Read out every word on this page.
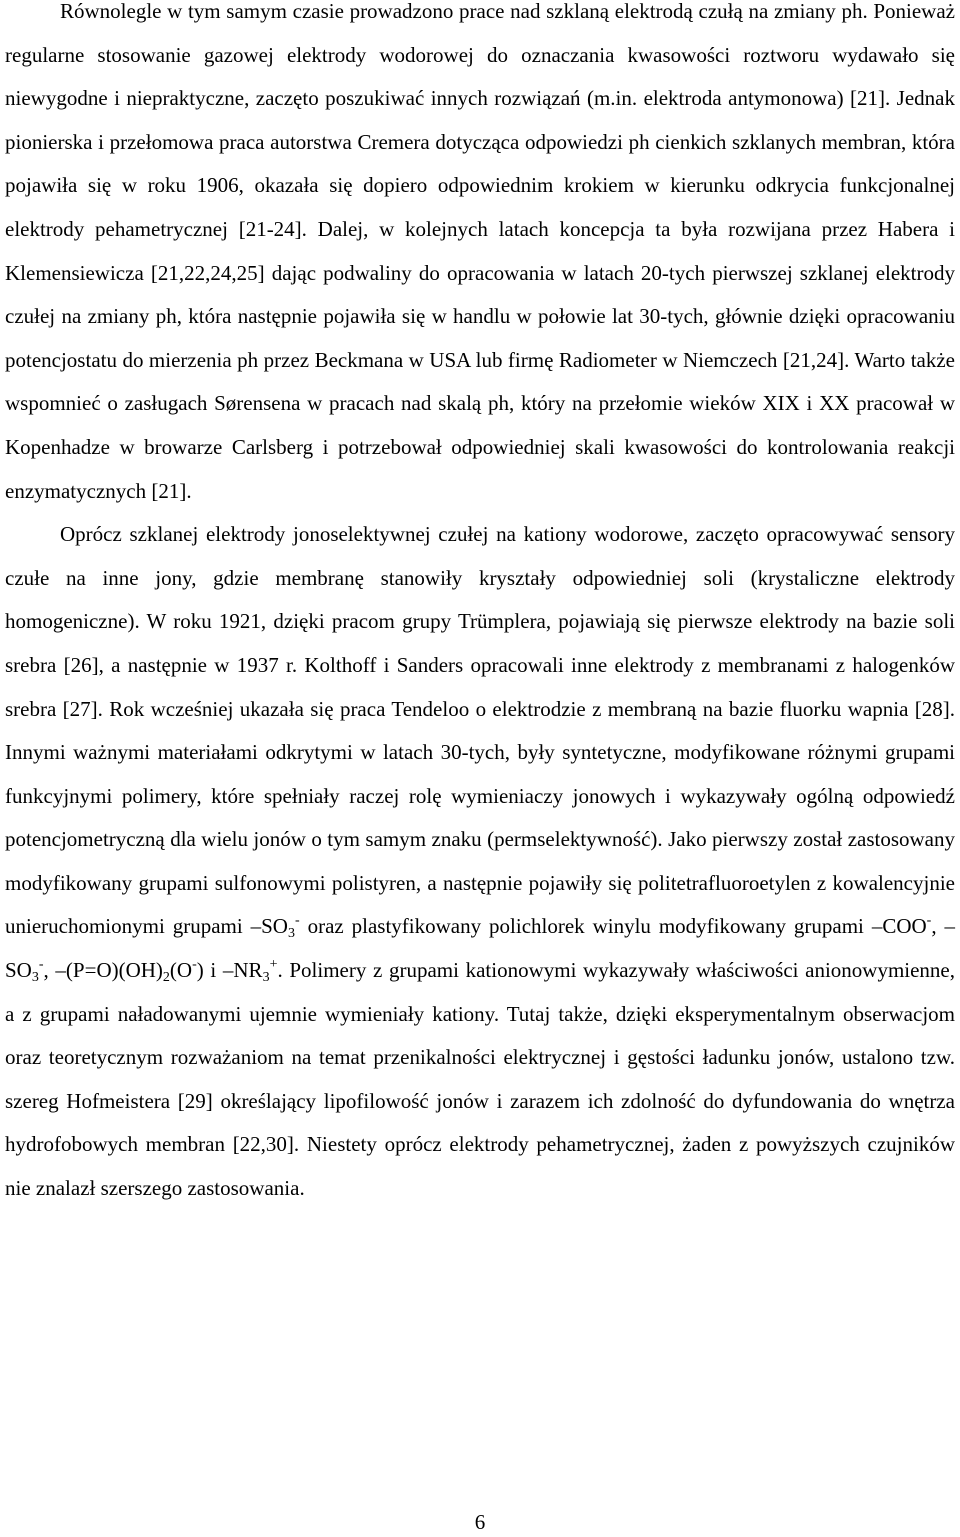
Równolegle w tym samym czasie prowadzono prace nad szklaną elektrodą czułą na zmiany ph. Ponieważ regularne stosowanie gazowej elektrody wodorowej do oznaczania kwasowości roztworu wydawało się niewygodne i niepraktyczne, zaczęto poszukiwać innych rozwiązań (m.in. elektroda antymonowa) [21]. Jednak pionierska i przełomowa praca autorstwa Cremera dotycząca odpowiedzi ph cienkich szklanych membran, która pojawiła się w roku 1906, okazała się dopiero odpowiednim krokiem w kierunku odkrycia funkcjonalnej elektrody pehametrycznej [21-24]. Dalej, w kolejnych latach koncepcja ta była rozwijana przez Habera i Klemensiewicza [21,22,24,25] dając podwaliny do opracowania w latach 20-tych pierwszej szklanej elektrody czułej na zmiany ph, która następnie pojawiła się w handlu w połowie lat 30-tych, głównie dzięki opracowaniu potencjostatu do mierzenia ph przez Beckmana w USA lub firmę Radiometer w Niemczech [21,24]. Warto także wspomnieć o zasługach Sørensena w pracach nad skalą ph, który na przełomie wieków XIX i XX pracował w Kopenhadze w browarze Carlsberg i potrzebował odpowiedniej skali kwasowości do kontrolowania reakcji enzymatycznych [21].

Oprócz szklanej elektrody jonoselektywnej czułej na kationy wodorowe, zaczęto opracowywać sensory czułe na inne jony, gdzie membranę stanowiły kryształy odpowiedniej soli (krystaliczne elektrody homogeniczne). W roku 1921, dzięki pracom grupy Trümplera, pojawiają się pierwsze elektrody na bazie soli srebra [26], a następnie w 1937 r. Kolthoff i Sanders opracowali inne elektrody z membranami z halogenków srebra [27]. Rok wcześniej ukazała się praca Tendeloo o elektrodzie z membraną na bazie fluorku wapnia [28]. Innymi ważnymi materiałami odkrytymi w latach 30-tych, były syntetyczne, modyfikowane różnymi grupami funkcyjnymi polimery, które spełniały raczej rolę wymieniaczy jonowych i wykazywały ogólną odpowiedź potencjometryczną dla wielu jonów o tym samym znaku (permselektywność). Jako pierwszy został zastosowany modyfikowany grupami sulfonowymi polistyren, a następnie pojawiły się politetrafluoroetylen z kowalencyjnie unieruchomionymi grupami $-SO_3^-$ oraz plastyfikowany polichlorek winylu modyfikowany grupami –COO-, $-SO_3^-$, $-(P=O)(OH)_2(O^-)$ i $-NR_3^+$. Polimery z grupami kationowymi wykazywały właściwości anionowymienne, a z grupami naładowanymi ujemnie wymieniały kationy. Tutaj także, dzięki eksperymentalnym obserwacjom oraz teoretycznym rozważaniom na temat przenikalności elektrycznej i gęstości ładunku jonów, ustalono tzw. szereg Hofmeistera [29] określający lipofilowość jonów i zarazem ich zdolność do dyfundowania do wnętrza hydrofobowych membran [22,30]. Niestety oprócz elektrody pehametrycznej, żaden z powyższych czujników nie znalazł szerszego zastosowania.

6
